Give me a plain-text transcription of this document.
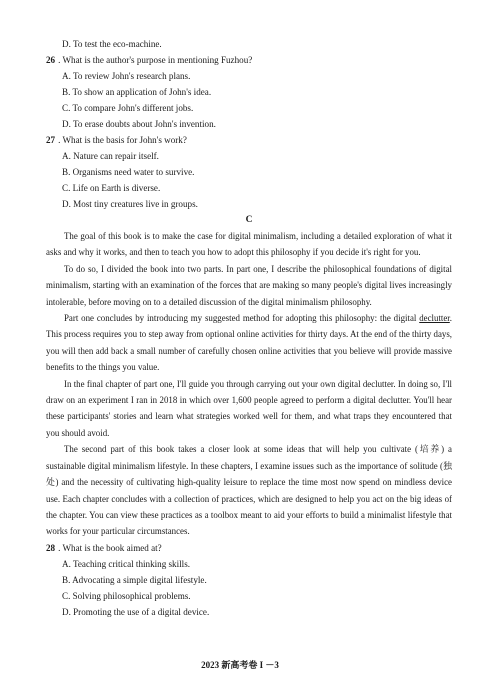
D. To test the eco-machine.
26 . What is the author's purpose in mentioning Fuzhou?
A. To review John's research plans.
B. To show an application of John's idea.
C. To compare John's different jobs.
D. To erase doubts about John's invention.
27 . What is the basis for John's work?
A. Nature can repair itself.
B. Organisms need water to survive.
C. Life on Earth is diverse.
D. Most tiny creatures live in groups.
C

The goal of this book is to make the case for digital minimalism, including a detailed exploration of what it asks and why it works, and then to teach you how to adopt this philosophy if you decide it's right for you.

To do so, I divided the book into two parts. In part one, I describe the philosophical foundations of digital minimalism, starting with an examination of the forces that are making so many people's digital lives increasingly intolerable, before moving on to a detailed discussion of the digital minimalism philosophy.

Part one concludes by introducing my suggested method for adopting this philosophy: the digital declutter. This process requires you to step away from optional online activities for thirty days. At the end of the thirty days, you will then add back a small number of carefully chosen online activities that you believe will provide massive benefits to the things you value.

In the final chapter of part one, I'll guide you through carrying out your own digital declutter. In doing so, I'll draw on an experiment I ran in 2018 in which over 1,600 people agreed to perform a digital declutter. You'll hear these participants' stories and learn what strategies worked well for them, and what traps they encountered that you should avoid.

The second part of this book takes a closer look at some ideas that will help you cultivate (培养) a sustainable digital minimalism lifestyle. In these chapters, I examine issues such as the importance of solitude (独处) and the necessity of cultivating high-quality leisure to replace the time most now spend on mindless device use. Each chapter concludes with a collection of practices, which are designed to help you act on the big ideas of the chapter. You can view these practices as a toolbox meant to aid your efforts to build a minimalist lifestyle that works for your particular circumstances.

28 . What is the book aimed at?
A. Teaching critical thinking skills.
B. Advocating a simple digital lifestyle.
C. Solving philosophical problems.
D. Promoting the use of a digital device.
2023 新高考卷 I －3
